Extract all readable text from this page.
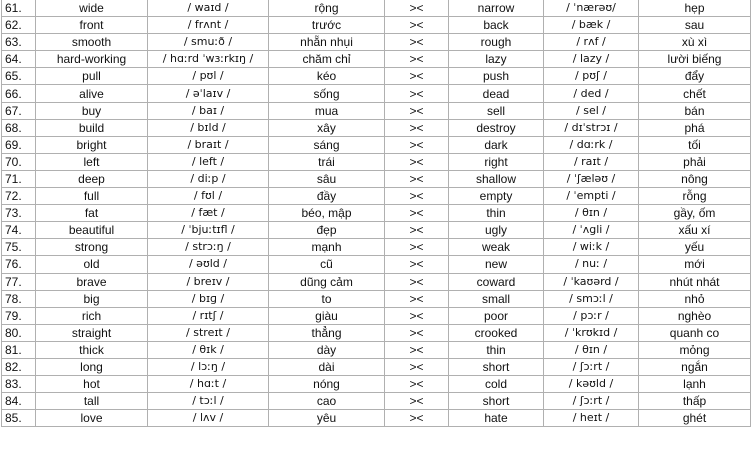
61.	wide	/ waɪd /	rộng	><	narrow	/ ˈnærəʊ/	hẹp
62.	front	/ frʌnt /	trước	><	back	/ bæk /	sau
63.	smooth	/ smuːð /	nhẵn nhụi	><	rough	/ rʌf /	xù xì
64.	hard-working	/ hɑːrd ˈwɜːrkɪŋ /	chăm chỉ	><	lazy	/ lazy /	lười biếng
65.	pull	/ pʊl /	kéo	><	push	/ pʊʃ /	đẩy
66.	alive	/ əˈlaɪv /	sống	><	dead	/ ded /	chết
67.	buy	/ baɪ /	mua	><	sell	/ sel /	bán
68.	build	/ bɪld /	xây	><	destroy	/ dɪˈstrɔɪ /	phá
69.	bright	/ braɪt /	sáng	><	dark	/ dɑːrk /	tối
70.	left	/ left /	trái	><	right	/ raɪt /	phải
71.	deep	/ diːp /	sâu	><	shallow	/ ˈʃæləʊ /	nông
72.	full	/ fʊl /	đầy	><	empty	/ ˈempti /	rỗng
73.	fat	/ fæt /	béo, mập	><	thin	/ θɪn /	gầy, ốm
74.	beautiful	/ ˈbjuːtɪfl /	đẹp	><	ugly	/ ˈʌgli /	xấu xí
75.	strong	/ strɔːŋ /	mạnh	><	weak	/ wiːk /	yếu
76.	old	/ əʊld /	cũ	><	new	/ nuː /	mới
77.	brave	/ breɪv /	dũng cảm	><	coward	/ ˈkaʊərd /	nhút nhát
78.	big	/ bɪɡ /	to	><	small	/ smɔːl /	nhỏ
79.	rich	/ rɪtʃ /	giàu	><	poor	/ pɔːr /	nghèo
80.	straight	/ streɪt /	thẳng	><	crooked	/ ˈkrʊkɪd /	quanh co
81.	thick	/ θɪk /	dày	><	thin	/ θɪn /	mỏng
82.	long	/ lɔːŋ /	dài	><	short	/ ʃɔːrt /	ngắn
83.	hot	/ hɑːt /	nóng	><	cold	/ kəʊld /	lạnh
84.	tall	/ tɔːl /	cao	><	short	/ ʃɔːrt /	thấp
85.	love	/ lʌv /	yêu	><	hate	/ heɪt /	ghét
